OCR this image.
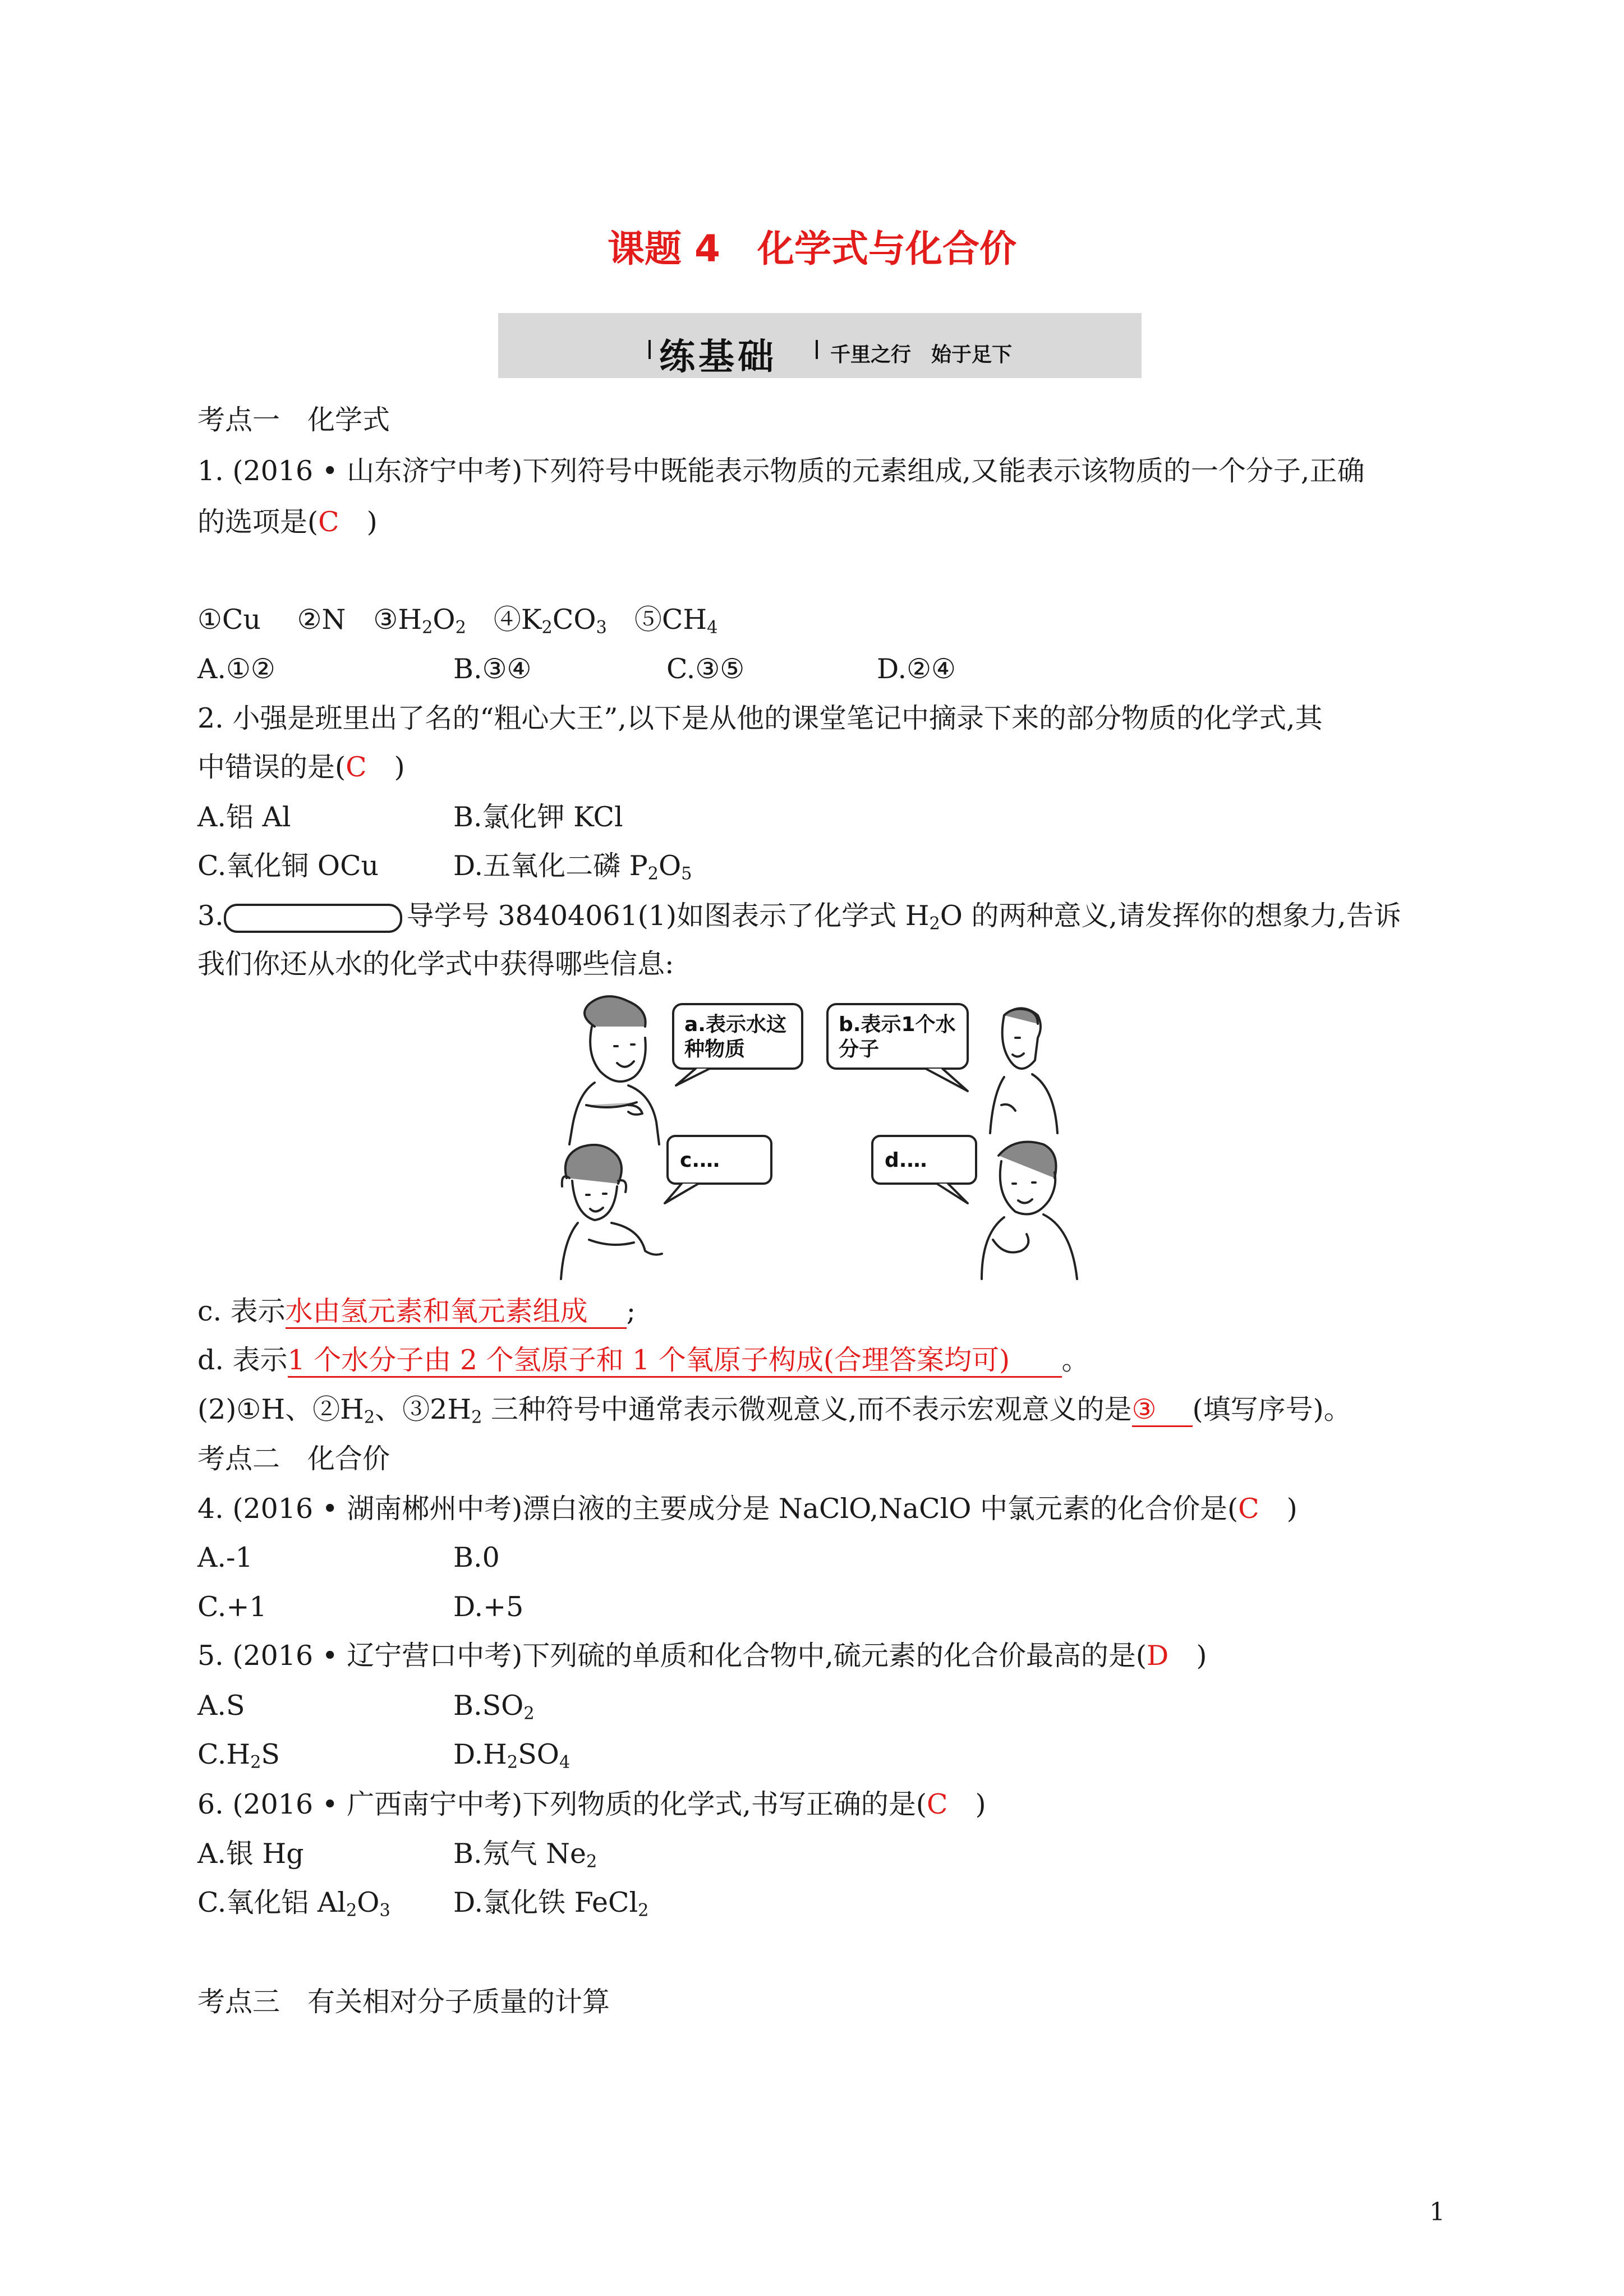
课题 4　化学式与化合价
练基础	千里之行　始于足下
考点一　化学式
1. (2016 • 山东济宁中考)下列符号中既能表示物质的元素组成,又能表示该物质的一个分子,正确
的选项是(C　)
①Cu　 ②N　 $③H_2O_2$　 $④K_2CO_3$　 $⑤CH_4$
A.①②	B.③④	C.③⑤	D.②④
2. 小强是班里出了名的“粗心大王”,以下是从他的课堂笔记中摘录下来的部分物质的化学式,其
中错误的是(C　)
A.铝 Al	B.氯化钾 KCl
C.氧化铜 OCu	D.五氧化二磷 $P_2O_5$
3.	导学号 38404061(1)如图表示了化学式 $H_2O$ 的两种意义,请发挥你的想象力,告诉
我们你还从水的化学式中获得哪些信息:
a.表示水这
种物质
b.表示1个水
分子
c.…	d.…
c. 表示水由氢元素和氧元素组成 ;
d. 表示1 个水分子由 2 个氢原子和 1 个氧原子构成(合理答案均可) 。
(2)①H、$②H_2$、$③2H_2$ 三种符号中通常表示微观意义,而不表示宏观意义的是③ (填写序号)。
考点二　化合价
4. (2016 • 湖南郴州中考)漂白液的主要成分是 NaClO,NaClO 中氯元素的化合价是(C　)
A.-1	B.0
C.+1	D.+5
5. (2016 • 辽宁营口中考)下列硫的单质和化合物中,硫元素的化合价最高的是(D　)
A.S	$B.SO_2$
$C.H_2S$	$D.H_2SO_4$
6. (2016 • 广西南宁中考)下列物质的化学式,书写正确的是(C　)
A.银 Hg	B.氖气 $Ne_2$
C.氧化铝 $Al_2O_3$ D.氯化铁 FeCl$_2$
考点三　有关相对分子质量的计算
1
